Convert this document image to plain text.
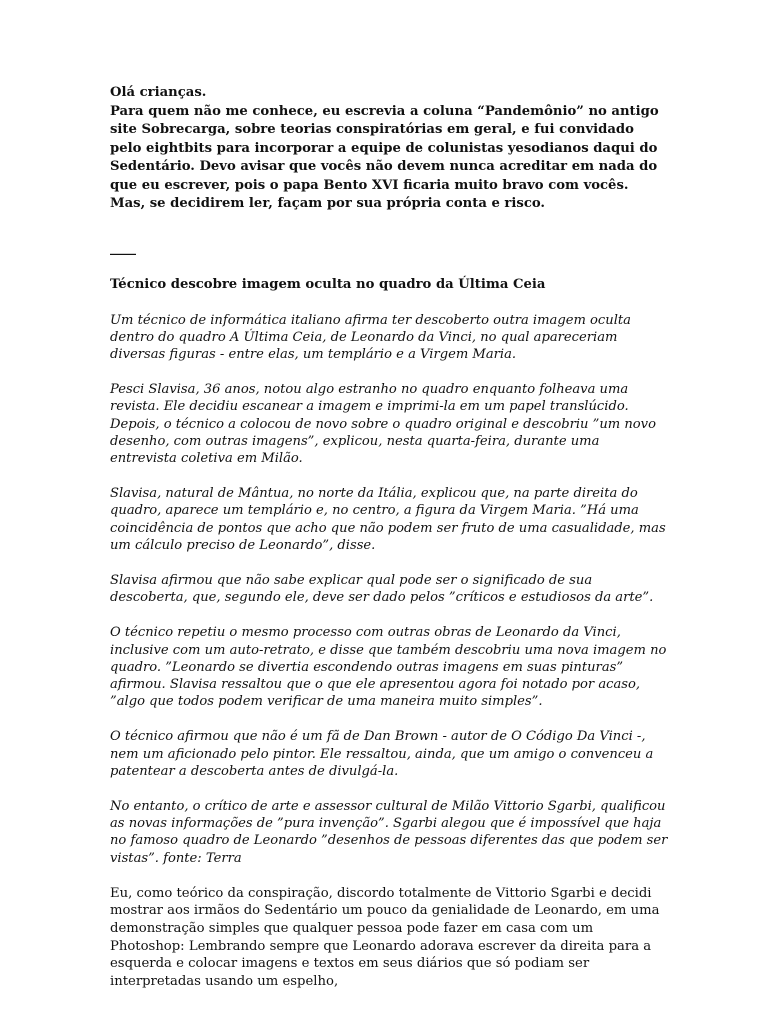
Olá crianças.

Para quem não me conhece, eu escrevia a coluna “Pandemônio” no antigo site Sobrecarga, sobre teorias conspiratórias em geral, e fui convidado pelo eightbits para incorporar a equipe de colunistas yesodianos daqui do Sedentário. Devo avisar que vocês não devem nunca acreditar em nada do que eu escrever, pois o papa Bento XVI ficaria muito bravo com vocês. Mas, se decidirem ler, façam por sua própria conta e risco.

____
Técnico descobre imagem oculta no quadro da Última Ceia

Um técnico de informática italiano afirma ter descoberto outra imagem oculta dentro do quadro A Última Ceia, de Leonardo da Vinci, no qual apareceriam diversas figuras - entre elas, um templário e a Virgem Maria.

Pesci Slavisa, 36 anos, notou algo estranho no quadro enquanto folheava uma revista. Ele decidiu escanear a imagem e imprimi-la em um papel translúcido. Depois, o técnico a colocou de novo sobre o quadro original e descobriu ”um novo desenho, com outras imagens”, explicou, nesta quarta-feira, durante uma entrevista coletiva em Milão.

Slavisa, natural de Mântua, no norte da Itália, explicou que, na parte direita do quadro, aparece um templário e, no centro, a figura da Virgem Maria. ”Há uma coincidência de pontos que acho que não podem ser fruto de uma casualidade, mas um cálculo preciso de Leonardo”, disse.

Slavisa afirmou que não sabe explicar qual pode ser o significado de sua descoberta, que, segundo ele, deve ser dado pelos ”críticos e estudiosos da arte”.

O técnico repetiu o mesmo processo com outras obras de Leonardo da Vinci, inclusive com um auto-retrato, e disse que também descobriu uma nova imagem no quadro. ”Leonardo se divertia escondendo outras imagens em suas pinturas” afirmou. Slavisa ressaltou que o que ele apresentou agora foi notado por acaso, ”algo que todos podem verificar de uma maneira muito simples”.

O técnico afirmou que não é um fã de Dan Brown - autor de O Código Da Vinci -, nem um aficionado pelo pintor. Ele ressaltou, ainda, que um amigo o convenceu a patentear a descoberta antes de divulgá-la.

No entanto, o crítico de arte e assessor cultural de Milão Vittorio Sgarbi, qualificou as novas informações de ”pura invenção”. Sgarbi alegou que é impossível que haja no famoso quadro de Leonardo ”desenhos de pessoas diferentes das que podem ser vistas”. fonte: Terra

Eu, como teórico da conspiração, discordo totalmente de Vittorio Sgarbi e decidi mostrar aos irmãos do Sedentário um pouco da genialidade de Leonardo, em uma demonstração simples que qualquer pessoa pode fazer em casa com um Photoshop: Lembrando sempre que Leonardo adorava escrever da direita para a esquerda e colocar imagens e textos em seus diários que só podiam ser interpretadas usando um espelho,
